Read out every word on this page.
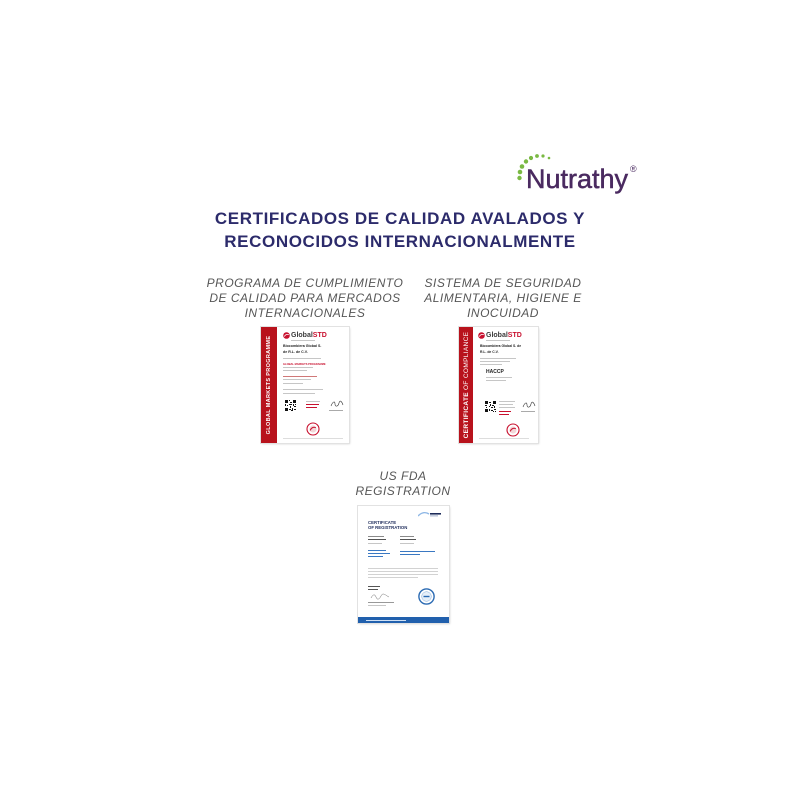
Nutrathy ®
CERTIFICADOS DE CALIDAD AVALADOS Y
RECONOCIDOS INTERNACIONALMENTE
PROGRAMA DE CUMPLIMIENTO
DE CALIDAD PARA MERCADOS
INTERNACIONALES
SISTEMA DE SEGURIDAD
ALIMENTARIA, HIGIENE E
INOCUIDAD
US FDA
REGISTRATION
GLOBAL MARKETS PROGRAMME
GlobalSTD
Biocombiera Global S.
de R.L. de C.V.
GLOBAL MARKETS PROGRAMME
CERTIFICATE
OF COMPLIANCE GlobalSTD
Biocombiera Global S. de
R.L. de C.V.
HACCP
CERTIFICATE
OF REGISTRATION
